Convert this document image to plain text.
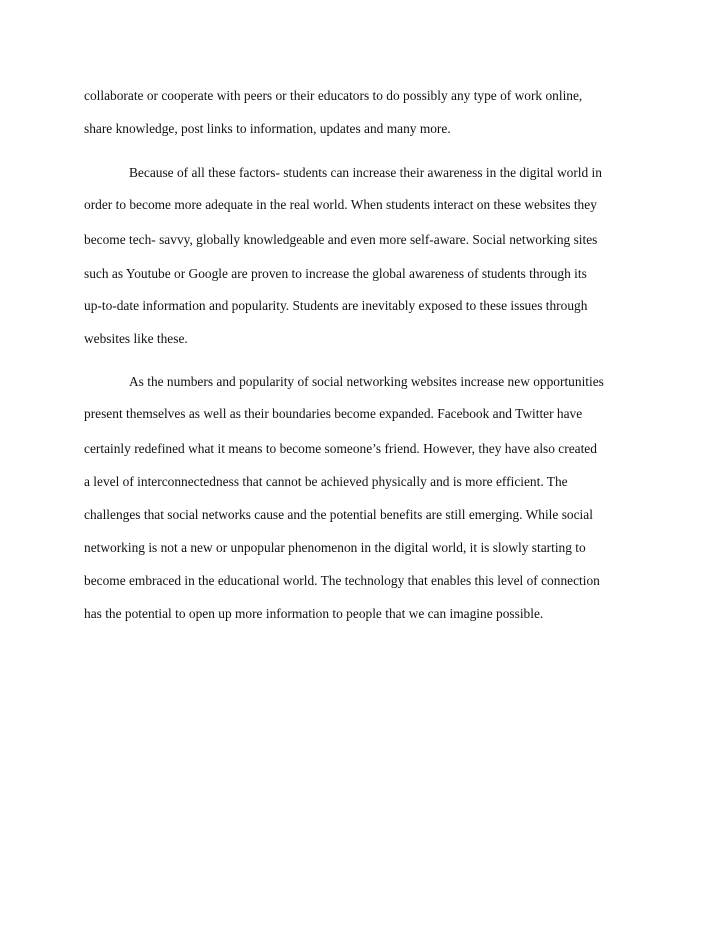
collaborate or cooperate with peers or their educators to do possibly any type of work online,

share knowledge, post links to information, updates and many more.

Because of all these factors- students can increase their awareness in the digital world in

order to become more adequate in the real world. When students interact on these websites they

become tech- savvy, globally knowledgeable and even more self-aware. Social networking sites

such as Youtube or Google are proven to increase the global awareness of students through its

up-to-date information and popularity. Students are inevitably exposed to these issues through

websites like these.

As the numbers and popularity of social networking websites increase new opportunities

present themselves as well as their boundaries become expanded. Facebook and Twitter have

certainly redefined what it means to become someone’s friend. However, they have also created

a level of interconnectedness that cannot be achieved physically and is more efficient. The

challenges that social networks cause and the potential benefits are still emerging. While social

networking is not a new or unpopular phenomenon in the digital world, it is slowly starting to

become embraced in the educational world. The technology that enables this level of connection

has the potential to open up more information to people that we can imagine possible.
